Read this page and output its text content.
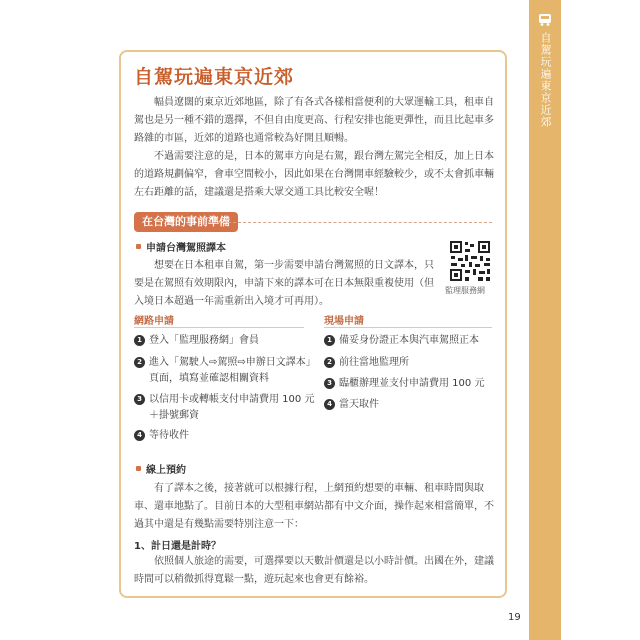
自駕玩遍東京近郊
自駕玩遍東京近郊

幅員遼闊的東京近郊地區，除了有各式各樣相當便利的大眾運輸工具，租車自駕也是另一種不錯的選擇，不但自由度更高、行程安排也能更彈性，而且比起車多路雜的市區，近郊的道路也通常較為好開且順暢。

不過需要注意的是，日本的駕車方向是右駕，跟台灣左駕完全相反，加上日本的道路規劃偏窄，會車空間較小，因此如果在台灣開車經驗較少，或不太會抓車輛左右距離的話，建議還是搭乘大眾交通工具比較安全喔！

在台灣的事前準備
申請台灣駕照譯本

想要在日本租車自駕，第一步需要申請台灣駕照的日文譯本，只要是在駕照有效期限內，申請下來的譯本可在日本無限重複使用（但入境日本超過一年需重新出入境才可再用）。

監理服務網
網路申請	現場申請
1 登入「監理服務網」會員
2 進入「駕駛人⇨駕照⇨申辦日文譯本」
頁面，填寫並確認相關資料
3 以信用卡或轉帳支付申請費用 100 元
＋掛號郵資
4 等待收件
1 備妥身份證正本與汽車駕照正本
2 前往當地監理所
3 臨櫃辦理並支付申請費用 100 元
4 當天取件
線上預約

有了譯本之後，接著就可以根據行程，上網預約想要的車輛、租車時間與取車、還車地點了。目前日本的大型租車網站都有中文介面，操作起來相當簡單，不過其中還是有幾點需要特別注意一下：

1、計日還是計時？

依照個人旅途的需要，可選擇要以天數計價還是以小時計價。出國在外，建議時間可以稍微抓得寬鬆一點，遊玩起來也會更有餘裕。

19
